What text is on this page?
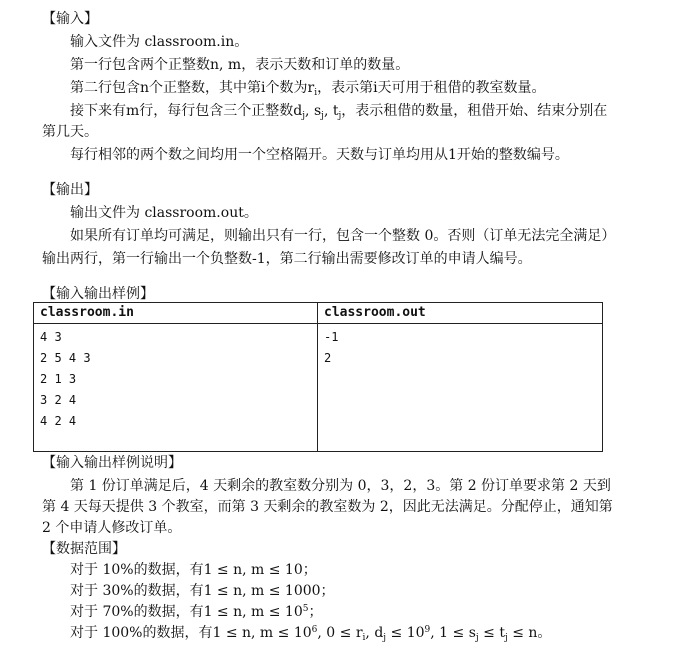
【输入】
输入文件为 classroom.in。
第一行包含两个正整数n, m，表示天数和订单的数量。
第二行包含n个正整数，其中第i个数为$r_i$，表示第i天可用于租借的教室数量。
接下来有m行，每行包含三个正整数$d_j$, $s_j$, $t_j$，表示租借的数量，租借开始、结束分别在
第几天。
每行相邻的两个数之间均用一个空格隔开。天数与订单均用从1开始的整数编号。
【输出】
输出文件为 classroom.out。
如果所有订单均可满足，则输出只有一行，包含一个整数 0。否则（订单无法完全满足）
输出两行，第一行输出一个负整数-1，第二行输出需要修改订单的申请人编号。
【输入输出样例】
classroom.in	classroom.out

4 3
2 5 4 3
2 1 3
3 2 4
4 2 4	-1
2
【输入输出样例说明】
第 1 份订单满足后，4 天剩余的教室数分别为 0，3，2，3。第 2 份订单要求第 2 天到
第 4 天每天提供 3 个教室，而第 3 天剩余的教室数为 2，因此无法满足。分配停止，通知第
2 个申请人修改订单。
【数据范围】
对于 10%的数据，有1 ≤ n, m ≤ 10；
对于 30%的数据，有1 ≤ n, m ≤ 1000；
对于 70%的数据，有1 ≤ n, $m \le 10^5$；
对于 100%的数据，有1 ≤ n, $m \le 10^6$, $0 \le r_i$, $d_j \le 10^9$, $1 \le s_j \le t_j \le n$。
